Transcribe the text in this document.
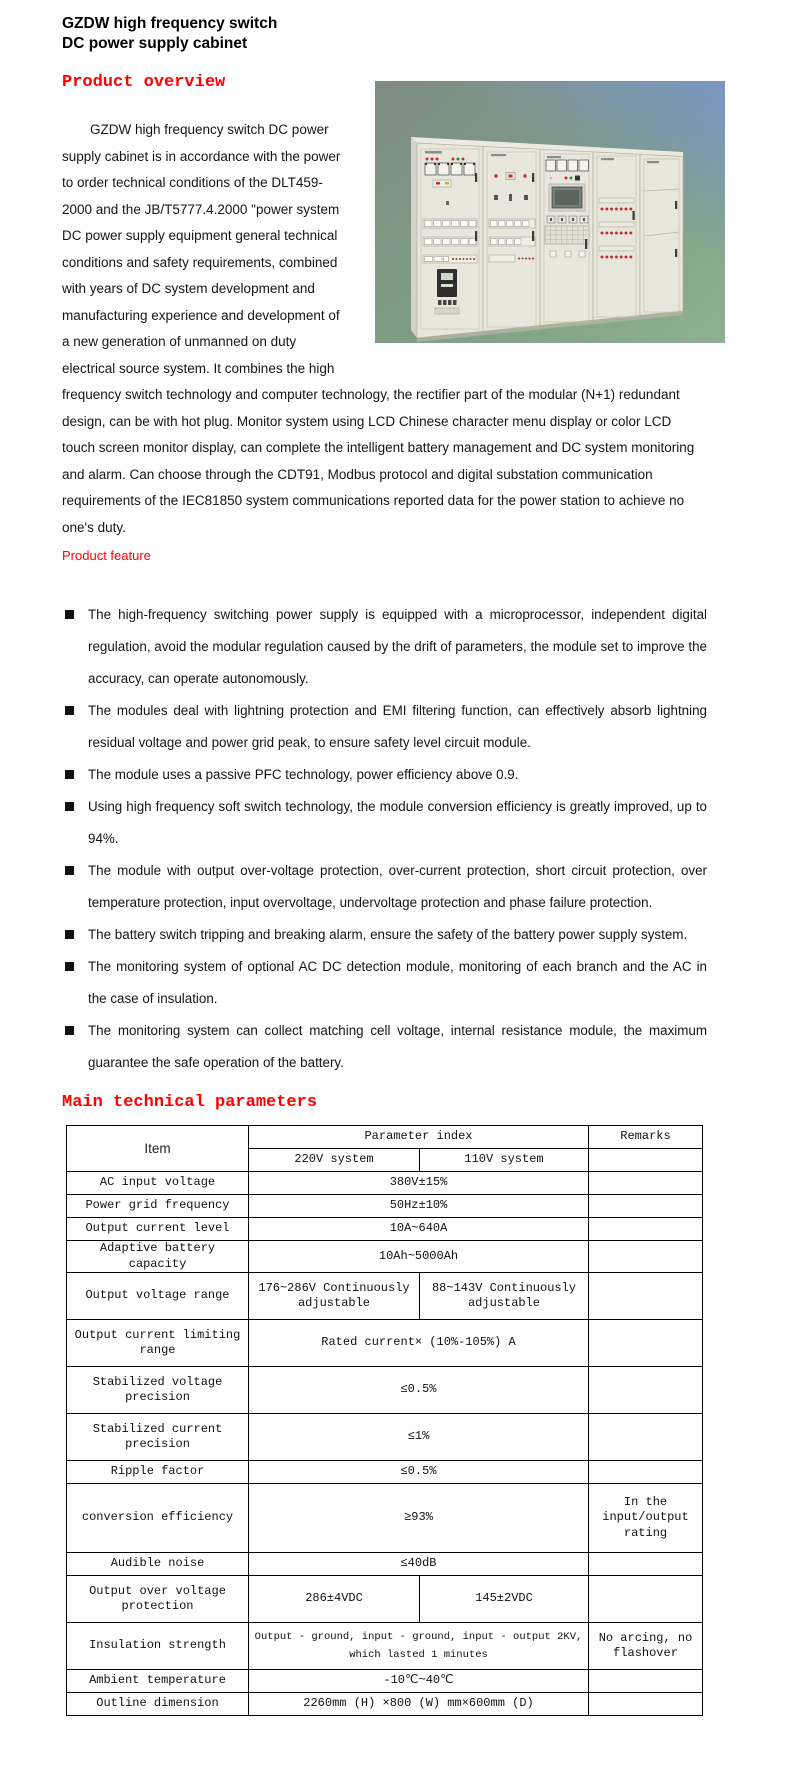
GZDW high frequency switch
DC power supply cabinet
Product overview

GZDW high frequency switch DC power supply cabinet is in accordance with the power to order technical conditions of the DLT459-2000 and the JB/T5777.4.2000 "power system DC power supply equipment general technical conditions and safety requirements, combined with years of DC system development and manufacturing experience and development of a new generation of unmanned on duty electrical source system. It combines the high frequency switch technology and computer technology, the rectifier part of the modular (N+1) redundant design, can be with hot plug. Monitor system using LCD Chinese character menu display or color LCD touch screen monitor display, can complete the intelligent battery management and DC system monitoring and alarm. Can choose through the CDT91, Modbus protocol and digital substation communication requirements of the IEC81850 system communications reported data for the power station to achieve no one's duty.

Product feature

The high-frequency switching power supply is equipped with a microprocessor, independent digital regulation, avoid the modular regulation caused by the drift of parameters, the module set to improve the accuracy, can operate autonomously.
The modules deal with lightning protection and EMI filtering function, can effectively absorb lightning residual voltage and power grid peak, to ensure safety level circuit module.
The module uses a passive PFC technology, power efficiency above 0.9.
Using high frequency soft switch technology, the module conversion efficiency is greatly improved, up to 94%.
The module with output over-voltage protection, over-current protection, short circuit protection, over temperature protection, input overvoltage, undervoltage protection and phase failure protection.
The battery switch tripping and breaking alarm, ensure the safety of the battery power supply system.
The monitoring system of optional AC DC detection module, monitoring of each branch and the AC in the case of insulation.
The monitoring system can collect matching cell voltage, internal resistance module, the maximum guarantee the safe operation of the battery.
Main technical parameters
Item	Parameter index		Remarks
	220V system	110V system	
AC input voltage	380V±15%		
Power grid frequency	50Hz±10%		
Output current level	10A~640A		
Adaptive battery capacity	10Ah~5000Ah		
Output voltage range	176~286V Continuously adjustable	88~143V Continuously adjustable	
Output current limiting range	Rated current× (10%-105%) A		
Stabilized voltage precision	≤0.5%		
Stabilized current precision	≤1%		
Ripple factor	≤0.5%		
conversion efficiency	≥93%		In the input/output rating
Audible noise	≤40dB		
Output over voltage protection	286±4VDC	145±2VDC	
Insulation strength	Output - ground, input - ground, input - output 2KV, which lasted 1 minutes		No arcing, no flashover
Ambient temperature	-10℃~40℃		
Outline dimension	2260mm (H) ×800 (W) mm×600mm (D)		
